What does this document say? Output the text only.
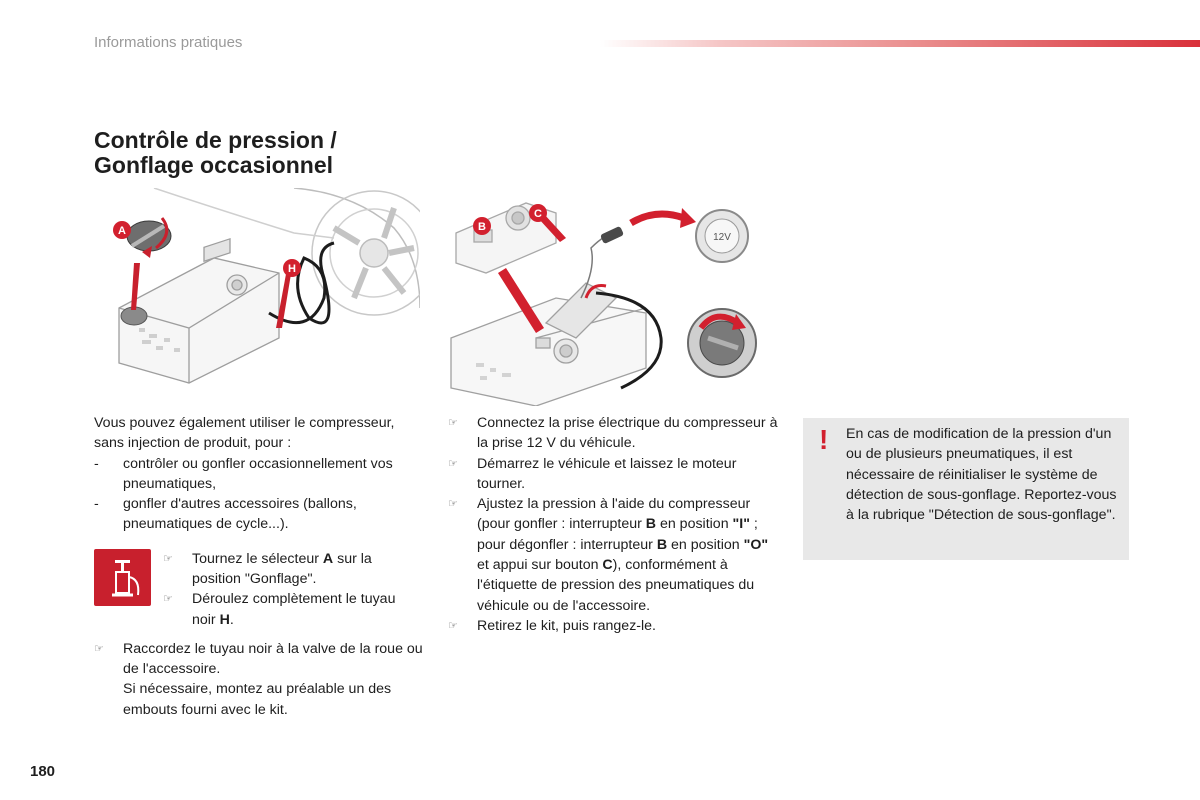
Informations pratiques
Contrôle de pression /
Gonflage occasionnel
A
H
12V
B
C
Vous pouvez également utiliser le compresseur, sans injection de produit, pour :
- contrôler ou gonfler occasionnellement vos pneumatiques,
- gonfler d'autres accessoires (ballons, pneumatiques de cycle...).
☞ Tournez le sélecteur A sur la position "Gonflage".
☞ Déroulez complètement le tuyau noir H.
☞ Raccordez le tuyau noir à la valve de la roue ou de l'accessoire.
Si nécessaire, montez au préalable un des embouts fourni avec le kit.
☞ Connectez la prise électrique du compresseur à la prise 12 V du véhicule.
☞ Démarrez le véhicule et laissez le moteur tourner.
☞ Ajustez la pression à l'aide du compresseur (pour gonfler : interrupteur B en position "I" ; pour dégonfler : interrupteur B en position "O" et appui sur bouton C), conformément à l'étiquette de pression des pneumatiques du véhicule ou de l'accessoire.
☞ Retirez le kit, puis rangez-le.
! En cas de modification de la pression d'un ou de plusieurs pneumatiques, il est nécessaire de réinitialiser le système de détection de sous-gonflage. Reportez-vous à la rubrique "Détection de sous-gonflage".
180
